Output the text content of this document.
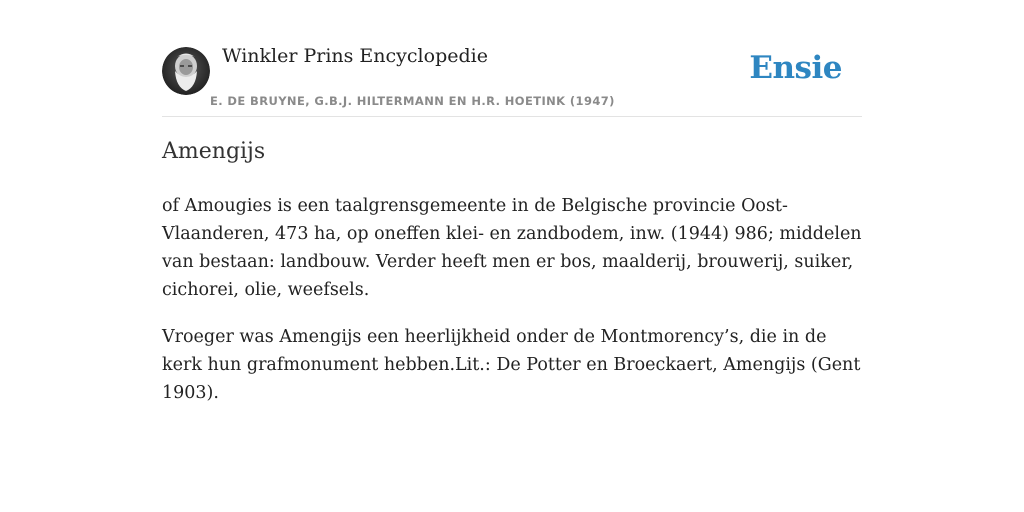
Winkler Prins Encyclopedie
E. DE BRUYNE, G.B.J. HILTERMANN EN H.R. HOETINK (1947)
Ensie
Amengijs

of Amougies is een taalgrensgemeente in de Belgische provincie Oost-Vlaanderen, 473 ha, op oneffen klei- en zandbodem, inw. (1944) 986; middelen van bestaan: landbouw. Verder heeft men er bos, maalderij, brouwerij, suiker, cichorei, olie, weefsels.

Vroeger was Amengijs een heerlijkheid onder de Montmorency’s, die in de kerk hun grafmonument hebben.Lit.: De Potter en Broeckaert, Amengijs (Gent 1903).
